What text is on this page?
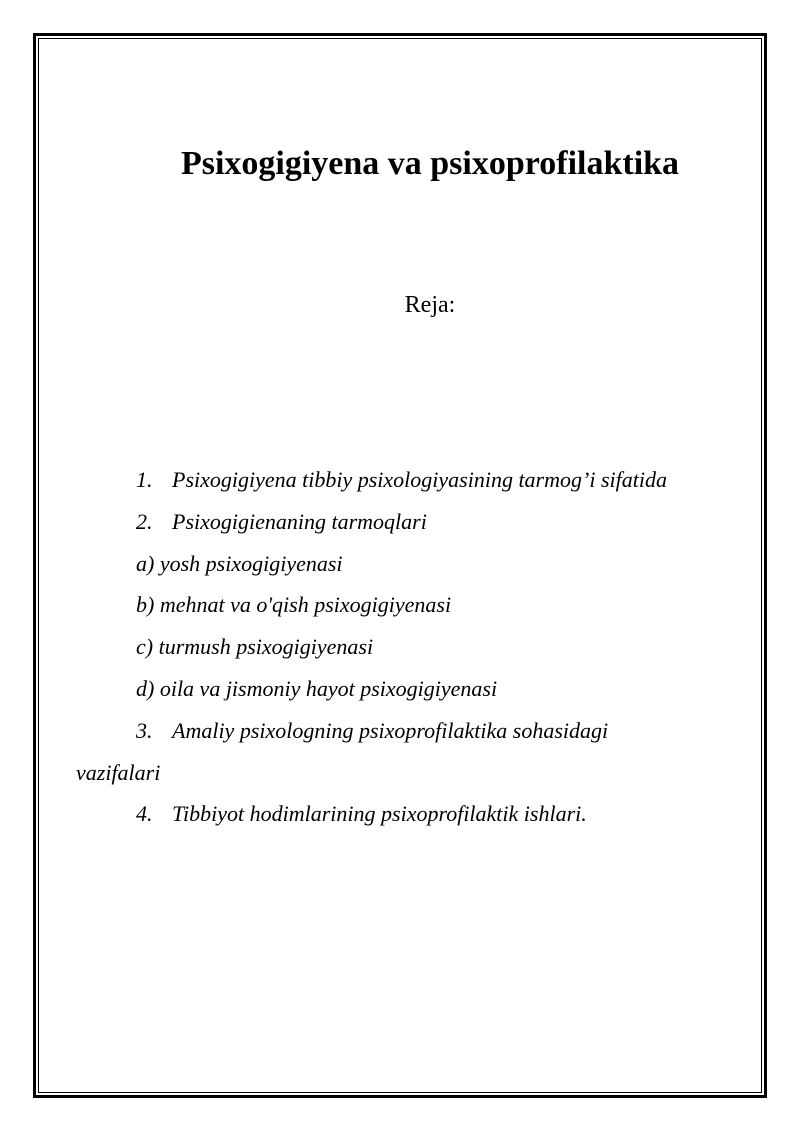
Psixogigiyena va psixoprofilaktika

Reja:

1. Psixogigiyena tibbiy psixologiyasining tarmog’i sifatida
2. Psixogigienaning tarmoqlari
a) yosh psixogigiyenasi
b) mehnat va o'qish psixogigiyenasi
c) turmush psixogigiyenasi
d) oila va jismoniy hayot psixogigiyenasi
3. Amaliy psixologning psixoprofilaktika sohasidagi
vazifalari
4. Tibbiyot hodimlarining psixoprofilaktik ishlari.
